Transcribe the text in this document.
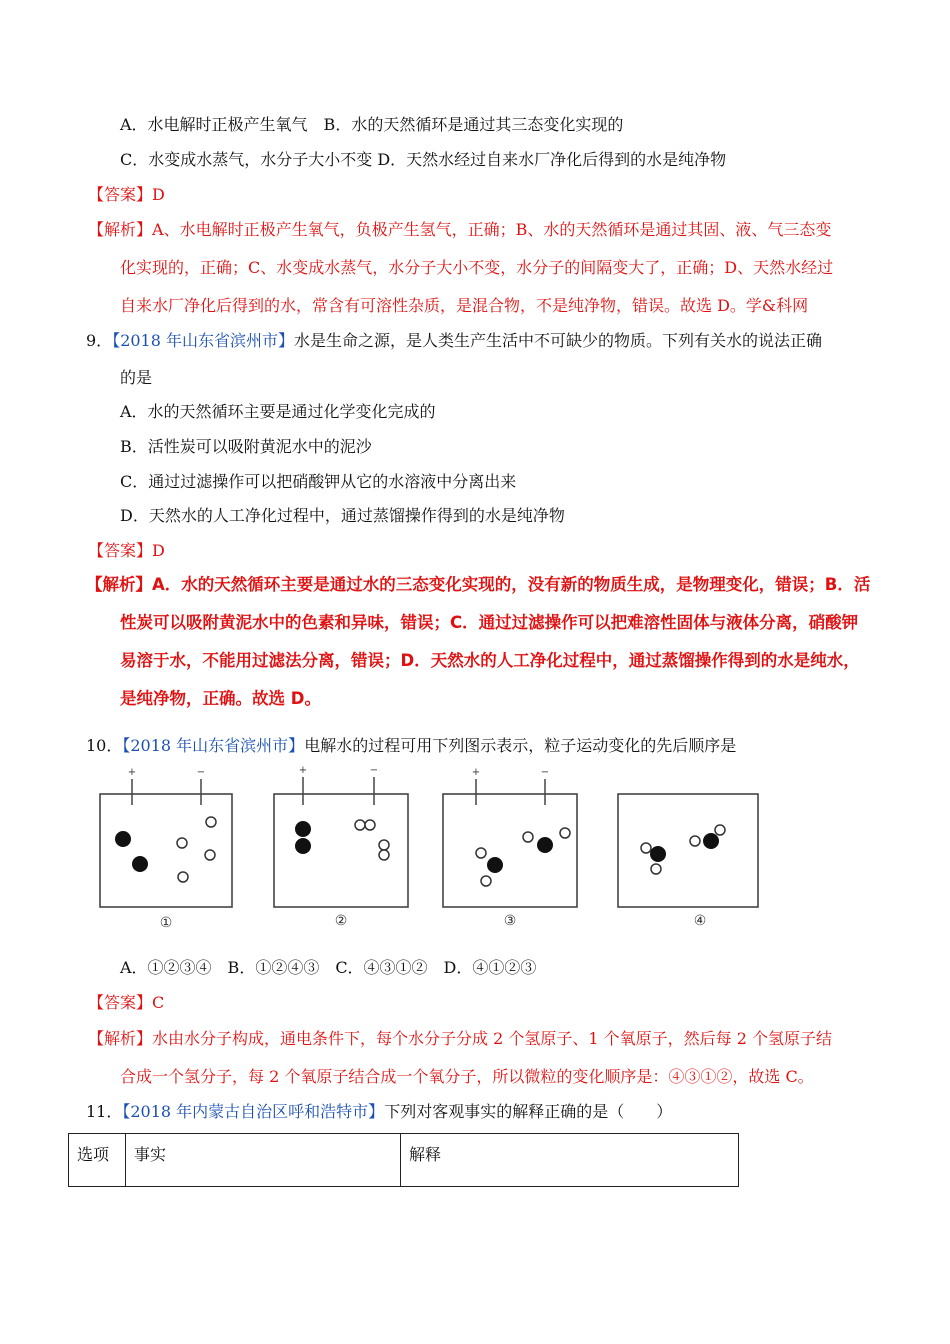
A．水电解时正极产生氧气　B．水的天然循环是通过其三态变化实现的
C．水变成水蒸气，水分子大小不变 D．天然水经过自来水厂净化后得到的水是纯净物
【答案】D
【解析】A、水电解时正极产生氧气，负极产生氢气，正确；B、水的天然循环是通过其固、液、气三态变
化实现的，正确；C、水变成水蒸气，水分子大小不变，水分子的间隔变大了，正确；D、天然水经过
自来水厂净化后得到的水，常含有可溶性杂质，是混合物，不是纯净物，错误。故选 D。学&科网
9．【2018 年山东省滨州市】水是生命之源，是人类生产生活中不可缺少的物质。下列有关水的说法正确
的是
A．水的天然循环主要是通过化学变化完成的
B．活性炭可以吸附黄泥水中的泥沙
C．通过过滤操作可以把硝酸钾从它的水溶液中分离出来
D．天然水的人工净化过程中，通过蒸馏操作得到的水是纯净物
【答案】D
【解析】A．水的天然循环主要是通过水的三态变化实现的，没有新的物质生成，是物理变化，错误；B．活
性炭可以吸附黄泥水中的色素和异味，错误；C．通过过滤操作可以把难溶性固体与液体分离，硝酸钾
易溶于水，不能用过滤法分离，错误；D．天然水的人工净化过程中，通过蒸馏操作得到的水是纯水，
是纯净物，正确。故选 D。
10．【2018 年山东省滨州市】电解水的过程可用下列图示表示，粒子运动变化的先后顺序是
+	−
①
+	−
②
+	−
③	④
A．①②③④　B．①②④③　C．④③①②　D．④①②③
【答案】C
【解析】水由水分子构成，通电条件下，每个水分子分成 2 个氢原子、1 个氧原子，然后每 2 个氢原子结
合成一个氢分子，每 2 个氧原子结合成一个氧分子，所以微粒的变化顺序是：④③①②，故选 C。
11．【2018 年内蒙古自治区呼和浩特市】下列对客观事实的解释正确的是（　　）
选项	事实	解释
